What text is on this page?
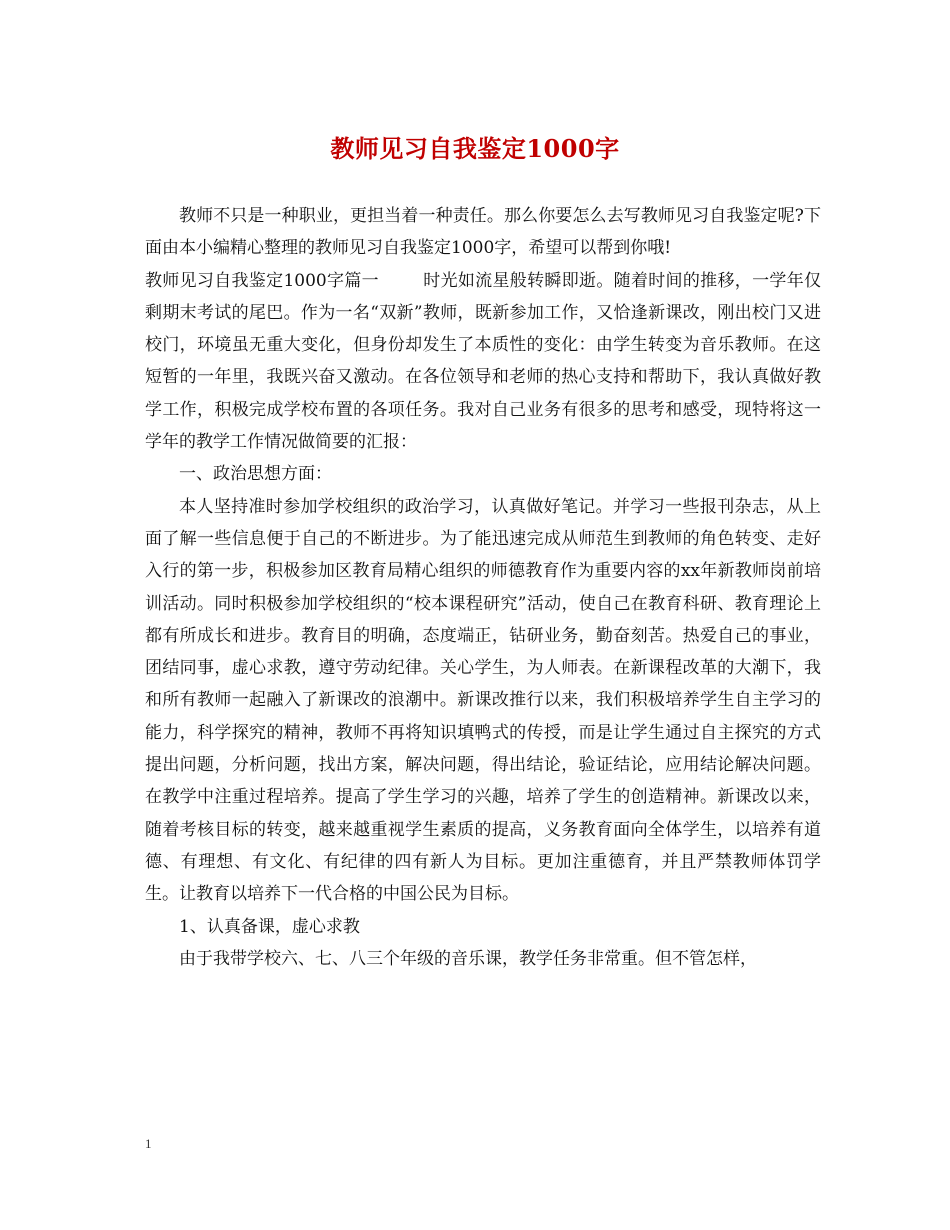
教师见习自我鉴定1000字

教师不只是一种职业，更担当着一种责任。那么你要怎么去写教师见习自我鉴定呢?下面由本小编精心整理的教师见习自我鉴定1000字，希望可以帮到你哦!

教师见习自我鉴定1000字篇一	时光如流星般转瞬即逝。随着时间的推移，一学年仅剩期末考试的尾巴。作为一名“双新”教师，既新参加工作，又恰逢新课改，刚出校门又进校门，环境虽无重大变化，但身份却发生了本质性的变化：由学生转变为音乐教师。在这短暂的一年里，我既兴奋又激动。在各位领导和老师的热心支持和帮助下，我认真做好教学工作，积极完成学校布置的各项任务。我对自己业务有很多的思考和感受，现特将这一学年的教学工作情况做简要的汇报：

一、政治思想方面：

本人坚持准时参加学校组织的政治学习，认真做好笔记。并学习一些报刊杂志，从上面了解一些信息便于自己的不断进步。为了能迅速完成从师范生到教师的角色转变、走好入行的第一步，积极参加区教育局精心组织的师德教育作为重要内容的xx年新教师岗前培训活动。同时积极参加学校组织的“校本课程研究”活动，使自己在教育科研、教育理论上都有所成长和进步。教育目的明确，态度端正，钻研业务，勤奋刻苦。热爱自己的事业，团结同事，虚心求教，遵守劳动纪律。关心学生，为人师表。在新课程改革的大潮下，我和所有教师一起融入了新课改的浪潮中。新课改推行以来，我们积极培养学生自主学习的能力，科学探究的精神，教师不再将知识填鸭式的传授，而是让学生通过自主探究的方式提出问题，分析问题，找出方案，解决问题，得出结论，验证结论，应用结论解决问题。在教学中注重过程培养。提高了学生学习的兴趣，培养了学生的创造精神。新课改以来，随着考核目标的转变，越来越重视学生素质的提高，义务教育面向全体学生，以培养有道德、有理想、有文化、有纪律的四有新人为目标。更加注重德育，并且严禁教师体罚学生。让教育以培养下一代合格的中国公民为目标。

1、认真备课，虚心求教

由于我带学校六、七、八三个年级的音乐课，教学任务非常重。但不管怎样，

1
